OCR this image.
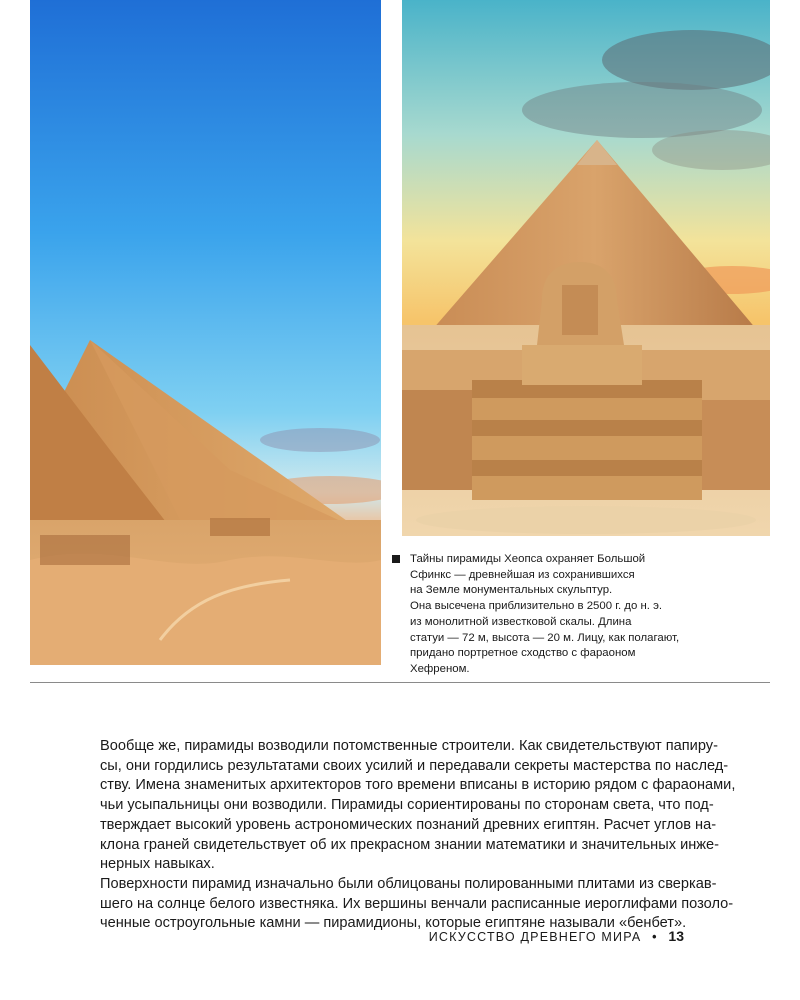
Тайны пирамиды Хеопса охраняет Большой
Сфинкс — древнейшая из сохранившихся
на Земле монументальных скульптур.
Она высечена приблизительно в 2500 г. до н. э.
из монолитной известковой скалы. Длина
статуи — 72 м, высота — 20 м. Лицу, как полагают,
придано портретное сходство с фараоном
Хефреном.
Вообще же, пирамиды возводили потомственные строители. Как свидетельствуют папиру-
сы, они гордились результатами своих усилий и передавали секреты мастерства по наслед-
ству. Имена знаменитых архитекторов того времени вписаны в историю рядом с фараонами,
чьи усыпальницы они возводили. Пирамиды сориентированы по сторонам света, что под-
тверждает высокий уровень астрономических познаний древних египтян. Расчет углов на-
клона граней свидетельствует об их прекрасном знании математики и значительных инже-
нерных навыках.
Поверхности пирамид изначально были облицованы полированными плитами из сверкав-
шего на солнце белого известняка. Их вершины венчали расписанные иероглифами позоло-
ченные остроугольные камни — пирамидионы, которые египтяне называли «бенбет».
ИСКУССТВО ДРЕВНЕГО МИРА • 13
